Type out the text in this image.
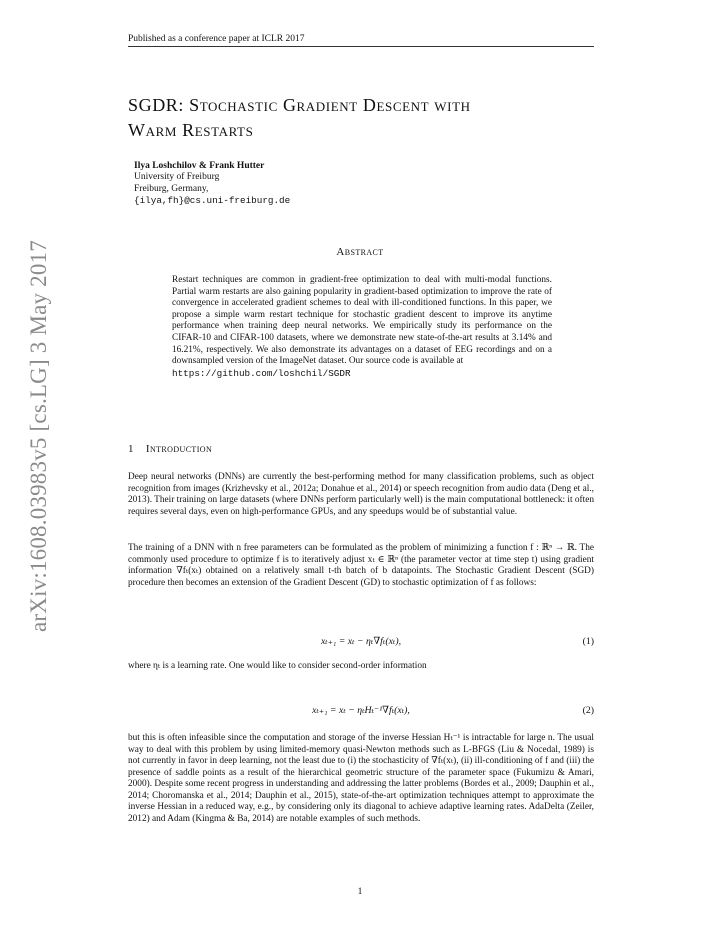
Published as a conference paper at ICLR 2017
arXiv:1608.03983v5 [cs.LG] 3 May 2017
SGDR: Stochastic Gradient Descent with
Warm Restarts
Ilya Loshchilov & Frank Hutter
University of Freiburg
Freiburg, Germany,
{ilya,fh}@cs.uni-freiburg.de
Abstract
Restart techniques are common in gradient-free optimization to deal with multi-modal functions. Partial warm restarts are also gaining popularity in gradient-based optimization to improve the rate of convergence in accelerated gradient schemes to deal with ill-conditioned functions. In this paper, we propose a simple warm restart technique for stochastic gradient descent to improve its anytime performance when training deep neural networks. We empirically study its performance on the CIFAR-10 and CIFAR-100 datasets, where we demonstrate new state-of-the-art results at 3.14% and 16.21%, respectively. We also demonstrate its advantages on a dataset of EEG recordings and on a downsampled version of the ImageNet dataset. Our source code is available at
https://github.com/loshchil/SGDR
1 Introduction
Deep neural networks (DNNs) are currently the best-performing method for many classification problems, such as object recognition from images (Krizhevsky et al., 2012a; Donahue et al., 2014) or speech recognition from audio data (Deng et al., 2013). Their training on large datasets (where DNNs perform particularly well) is the main computational bottleneck: it often requires several days, even on high-performance GPUs, and any speedups would be of substantial value.
The training of a DNN with n free parameters can be formulated as the problem of minimizing a function f : ℝⁿ → ℝ. The commonly used procedure to optimize f is to iteratively adjust xₜ ∈ ℝⁿ (the parameter vector at time step t) using gradient information ∇fₜ(xₜ) obtained on a relatively small t-th batch of b datapoints. The Stochastic Gradient Descent (SGD) procedure then becomes an extension of the Gradient Descent (GD) to stochastic optimization of f as follows:
xₜ₊₁ = xₜ − ηₜ∇fₜ(xₜ),	(1)
where ηₜ is a learning rate. One would like to consider second-order information
xₜ₊₁ = xₜ − ηₜHₜ⁻¹∇fₜ(xₜ),	(2)
but this is often infeasible since the computation and storage of the inverse Hessian Hₜ⁻¹ is intractable for large n. The usual way to deal with this problem by using limited-memory quasi-Newton methods such as L-BFGS (Liu & Nocedal, 1989) is not currently in favor in deep learning, not the least due to (i) the stochasticity of ∇fₜ(xₜ), (ii) ill-conditioning of f and (iii) the presence of saddle points as a result of the hierarchical geometric structure of the parameter space (Fukumizu & Amari, 2000). Despite some recent progress in understanding and addressing the latter problems (Bordes et al., 2009; Dauphin et al., 2014; Choromanska et al., 2014; Dauphin et al., 2015), state-of-the-art optimization techniques attempt to approximate the inverse Hessian in a reduced way, e.g., by considering only its diagonal to achieve adaptive learning rates. AdaDelta (Zeiler, 2012) and Adam (Kingma & Ba, 2014) are notable examples of such methods.
1
